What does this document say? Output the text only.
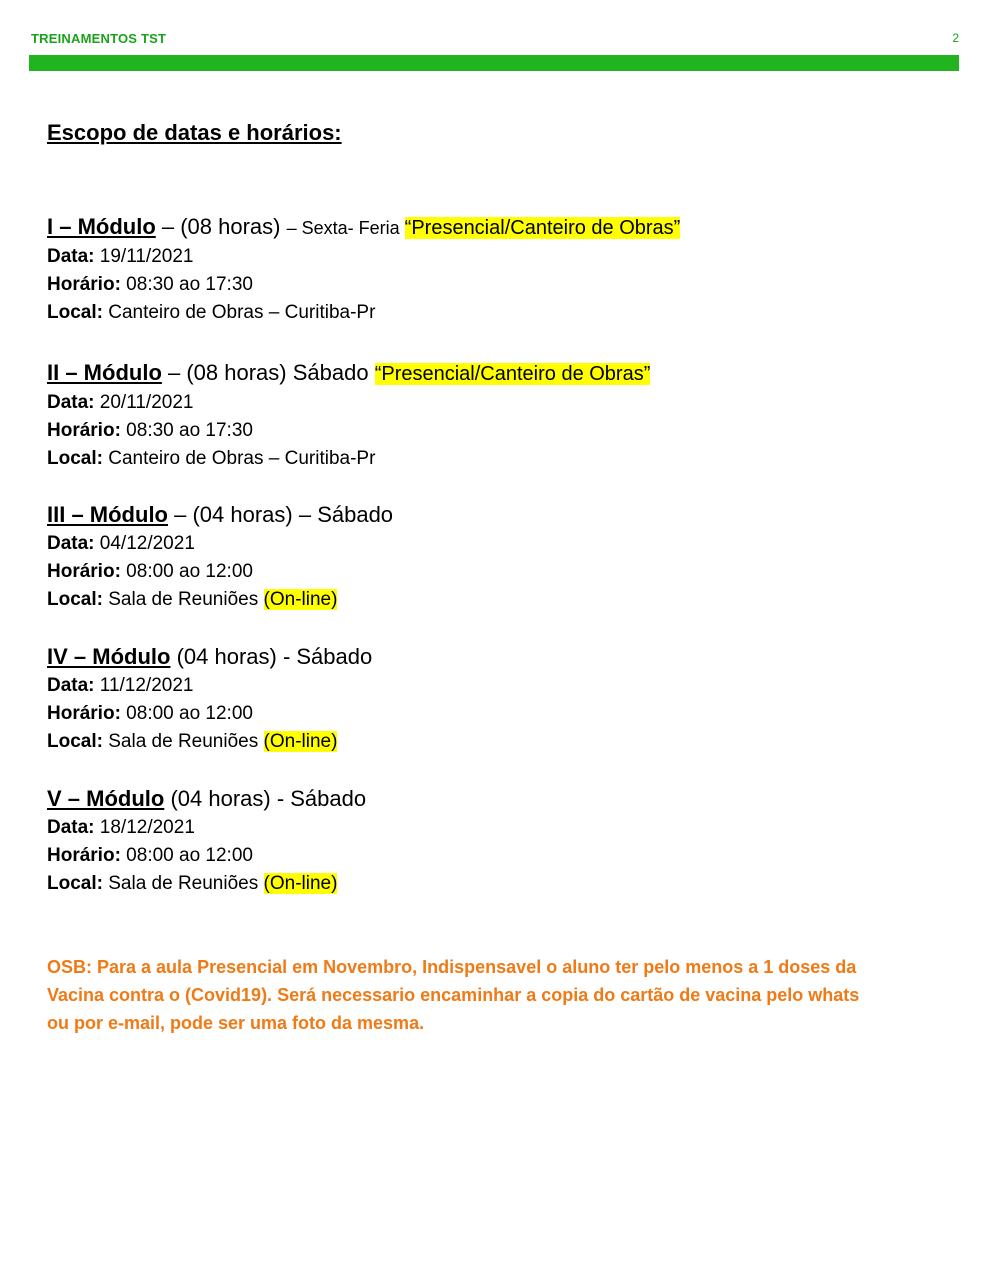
TREINAMENTOS TST	2
Escopo de datas e horários:
I – Módulo – (08 horas) – Sexta- Feria “Presencial/Canteiro de Obras”
Data: 19/11/2021
Horário: 08:30 ao 17:30
Local: Canteiro de Obras – Curitiba-Pr
II – Módulo – (08 horas) Sábado “Presencial/Canteiro de Obras”
Data: 20/11/2021
Horário: 08:30 ao 17:30
Local: Canteiro de Obras – Curitiba-Pr
III – Módulo – (04 horas) – Sábado
Data: 04/12/2021
Horário: 08:00 ao 12:00
Local: Sala de Reuniões (On-line)
IV – Módulo (04 horas) - Sábado
Data: 11/12/2021
Horário: 08:00 ao 12:00
Local: Sala de Reuniões (On-line)
V – Módulo (04 horas) - Sábado
Data: 18/12/2021
Horário: 08:00 ao 12:00
Local: Sala de Reuniões (On-line)
OSB: Para a aula Presencial em Novembro, Indispensavel o aluno ter pelo menos a 1 doses da
Vacina contra o (Covid19). Será necessario encaminhar a copia do cartão de vacina pelo whats
ou por e-mail, pode ser uma foto da mesma.
